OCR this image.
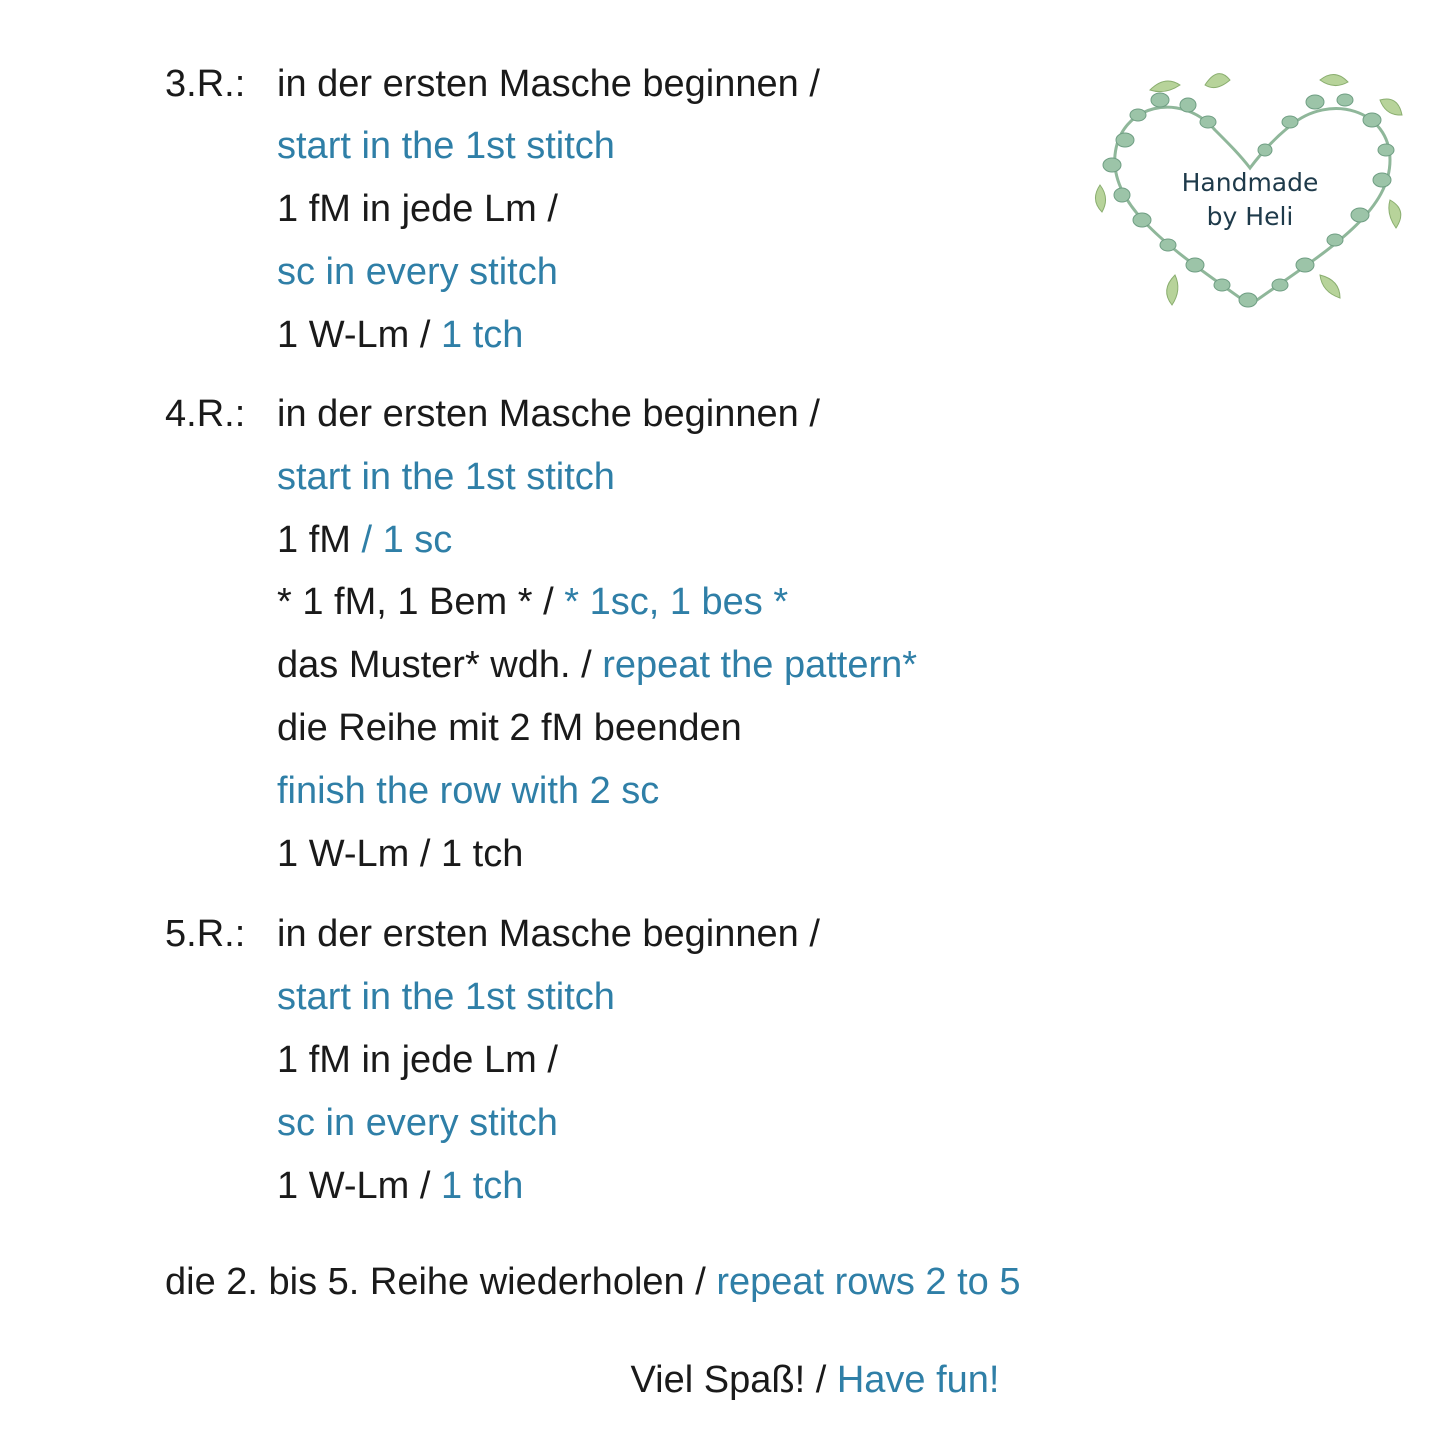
3.R.: in der ersten Masche beginnen /
start in the 1st stitch
1 fM in jede Lm /
sc in every stitch
1 W-Lm / 1 tch
4.R.: in der ersten Masche beginnen /
start in the 1st stitch
1 fM / 1 sc
* 1 fM, 1 Bem * / * 1sc, 1 bes *
das Muster* wdh. / repeat the pattern*
die Reihe mit 2 fM beenden
finish the row with 2 sc
1 W-Lm / 1 tch
5.R.: in der ersten Masche beginnen /
start in the 1st stitch
1 fM in jede Lm /
sc in every stitch
1 W-Lm / 1 tch
die 2. bis 5. Reihe wiederholen / repeat rows 2 to 5
Viel Spaß! / Have fun!
Handmade
by Heli
